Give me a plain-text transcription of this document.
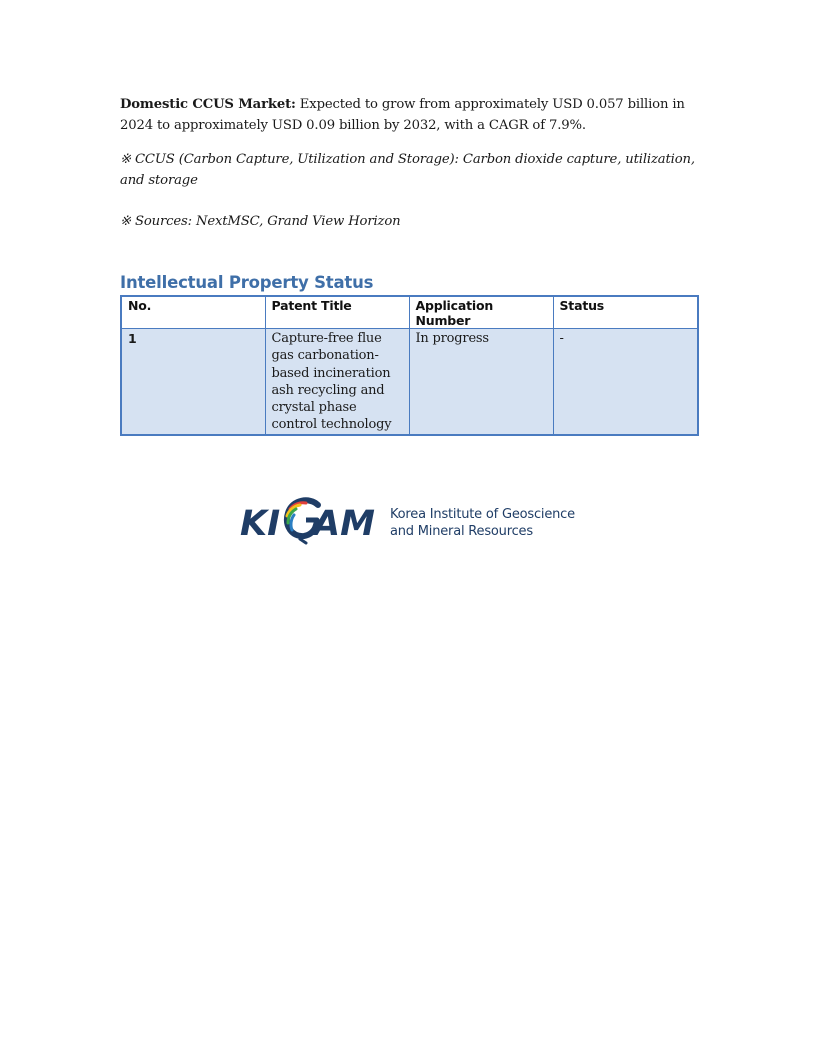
Domestic CCUS Market: Expected to grow from approximately USD 0.057 billion in 2024 to approximately USD 0.09 billion by 2032, with a CAGR of 7.9%.

※ CCUS (Carbon Capture, Utilization and Storage): Carbon dioxide capture, utilization, and storage

※ Sources: NextMSC, Grand View Horizon

Intellectual Property Status
No.	Patent Title	Application Number	Status
1	Capture-free flue gas carbonation-based incineration ash recycling and crystal phase control technology	In progress	-
KI AM Korea Institute of Geoscience
and Mineral Resources
